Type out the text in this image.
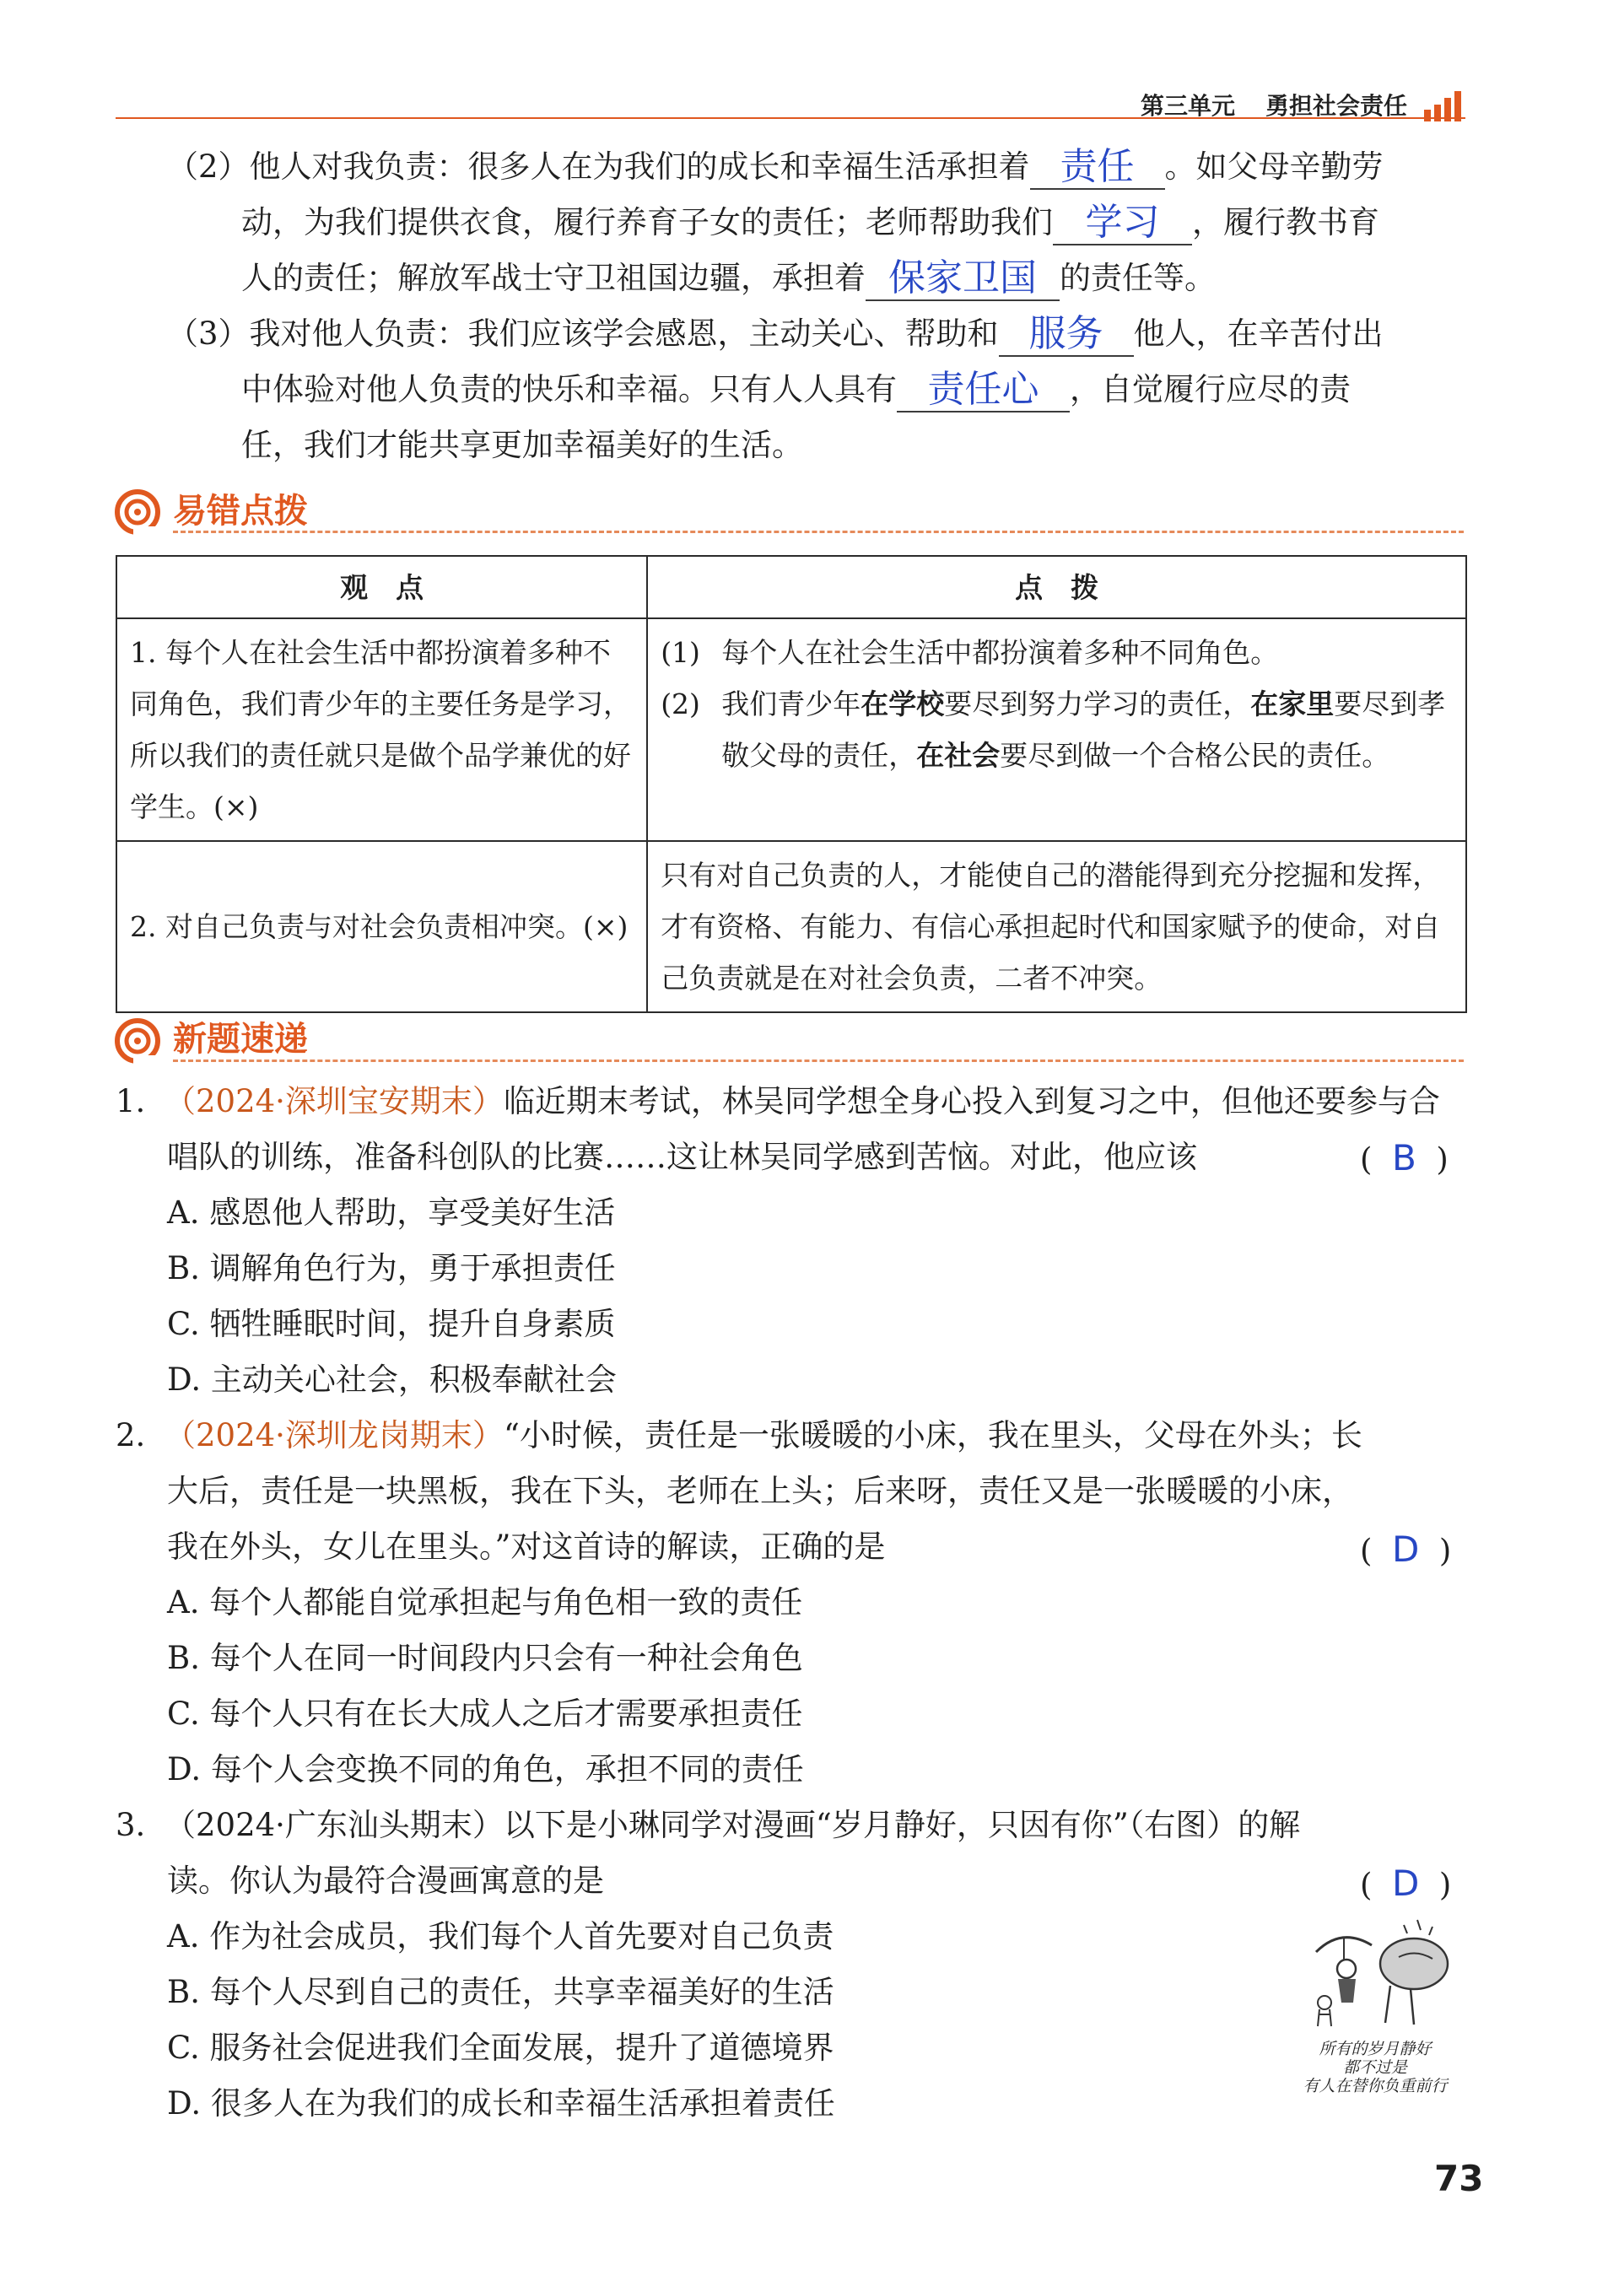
第三单元 勇担社会责任
（2）他人对我负责：很多人在为我们的成长和幸福生活承担着 责任 。如父母辛勤劳
动，为我们提供衣食，履行养育子女的责任；老师帮助我们 学习 ，履行教书育
人的责任；解放军战士守卫祖国边疆，承担着 保家卫国 的责任等。
（3）我对他人负责：我们应该学会感恩，主动关心、帮助和 服务 他人，在辛苦付出
中体验对他人负责的快乐和幸福。只有人人具有 责任心 ，自觉履行应尽的责
任，我们才能共享更加幸福美好的生活。
易错点拨
观　点	点　拨

1. 每个人在社会生活中都扮演着多种不同角色，我们青少年的主要任务是学习，所以我们的责任就只是做个品学兼优的好学生。(×)	(1) 每个人在社会生活中都扮演着多种不同角色。
(2) 我们青少年在学校要尽到努力学习的责任，在家里要尽到孝敬父母的责任，在社会要尽到做一个合格公民的责任。

2. 对自己负责与对社会负责相冲突。(×)	只有对自己负责的人，才能使自己的潜能得到充分挖掘和发挥，才有资格、有能力、有信心承担起时代和国家赋予的使命，对自己负责就是在对社会负责，二者不冲突。
新题速递
1. （2024·深圳宝安期末）临近期末考试，林吴同学想全身心投入到复习之中，但他还要参与合
唱队的训练，准备科创队的比赛……这让林吴同学感到苦恼。对此，他应该	(  B  )
A. 感恩他人帮助，享受美好生活
B. 调解角色行为，勇于承担责任
C. 牺牲睡眠时间，提升自身素质
D. 主动关心社会，积极奉献社会
2. （2024·深圳龙岗期末）“小时候，责任是一张暖暖的小床，我在里头，父母在外头；长
大后，责任是一块黑板，我在下头，老师在上头；后来呀，责任又是一张暖暖的小床，
我在外头，女儿在里头。”对这首诗的解读，正确的是	(  D  )
A. 每个人都能自觉承担起与角色相一致的责任
B. 每个人在同一时间段内只会有一种社会角色
C. 每个人只有在长大成人之后才需要承担责任
D. 每个人会变换不同的角色，承担不同的责任
3. （2024·广东汕头期末）以下是小琳同学对漫画“岁月静好，只因有你”（右图）的解
读。你认为最符合漫画寓意的是	(  D  )
A. 作为社会成员，我们每个人首先要对自己负责
B. 每个人尽到自己的责任，共享幸福美好的生活
C. 服务社会促进我们全面发展，提升了道德境界
D. 很多人在为我们的成长和幸福生活承担着责任
所有的岁月静好
都不过是
有人在替你负重前行
73
